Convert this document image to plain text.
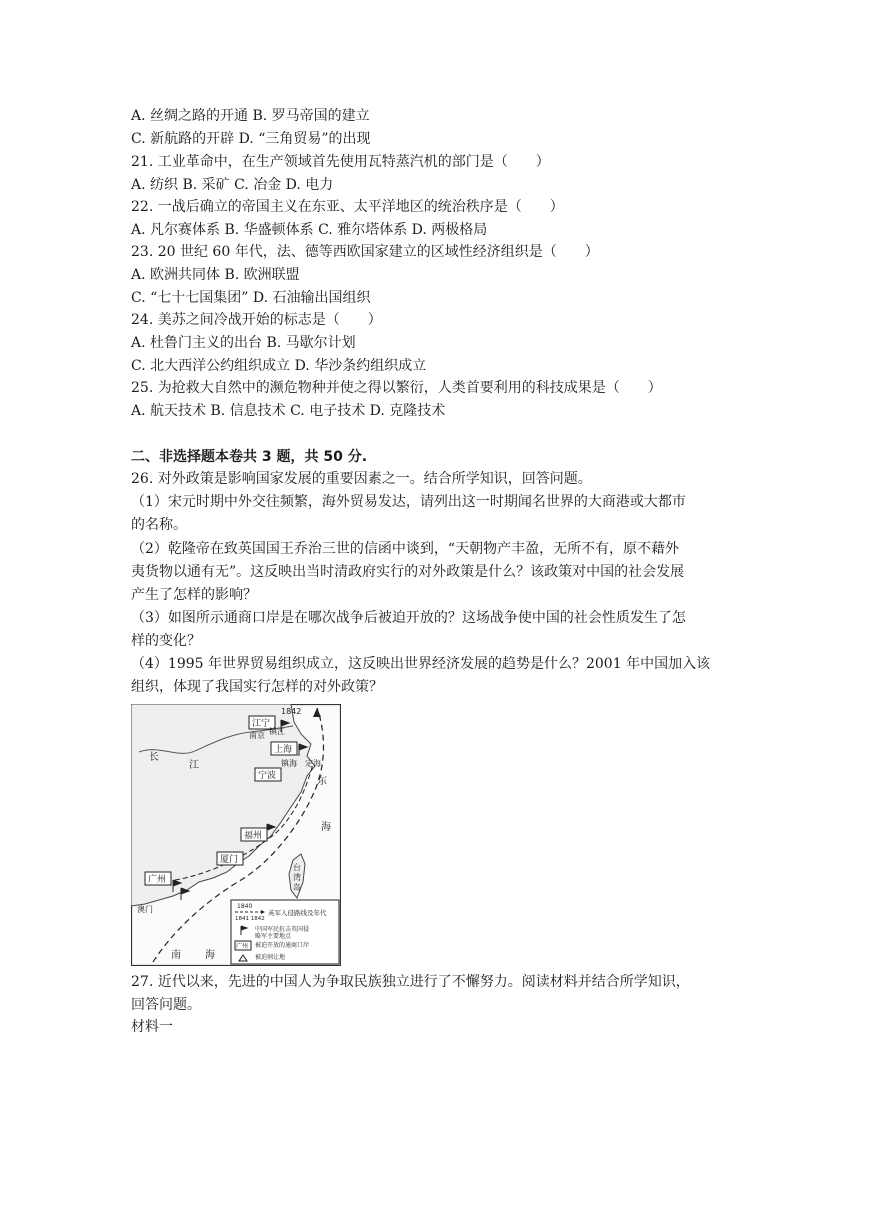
A. 丝绸之路的开通 B. 罗马帝国的建立
C. 新航路的开辟 D. “三角贸易”的出现
21. 工业革命中，在生产领域首先使用瓦特蒸汽机的部门是（　　）
A. 纺织 B. 采矿 C. 冶金 D. 电力
22. 一战后确立的帝国主义在东亚、太平洋地区的统治秩序是（　　）
A. 凡尔赛体系 B. 华盛顿体系 C. 雅尔塔体系 D. 两极格局
23. 20 世纪 60 年代，法、德等西欧国家建立的区域性经济组织是（　　）
A. 欧洲共同体 B. 欧洲联盟
C. “七十七国集团” D. 石油输出国组织
24. 美苏之间冷战开始的标志是（　　）
A. 杜鲁门主义的出台 B. 马歇尔计划
C. 北大西洋公约组织成立 D. 华沙条约组织成立
25. 为抢救大自然中的濒危物种并使之得以繁衍，人类首要利用的科技成果是（　　）
A. 航天技术 B. 信息技术 C. 电子技术 D. 克隆技术
二、非选择题本卷共 3 题，共 50 分.
26. 对外政策是影响国家发展的重要因素之一。结合所学知识，回答问题。
（1）宋元时期中外交往频繁，海外贸易发达，请列出这一时期闻名世界的大商港或大都市
的名称。
（2）乾隆帝在致英国国王乔治三世的信函中谈到，“天朝物产丰盈，无所不有，原不藉外
夷货物以通有无”。这反映出当时清政府实行的对外政策是什么？该政策对中国的社会发展
产生了怎样的影响？
（3）如图所示通商口岸是在哪次战争后被迫开放的？这场战争使中国的社会性质发生了怎
样的变化？
（4）1995 年世界贸易组织成立，这反映出世界经济发展的趋势是什么？2001 年中国加入该
组织，体现了我国实行怎样的对外政策？
江宁
南京
1842
镇江
上海
镇海 定海
宁波
福州
厦门
广州
澳门
长
江
东
海
台
湾
岛
南 海
1840
1841 1842
英军入侵路线及年代
中国军民抗击英国侵
略军主要地点
广州 被迫开放的通商口岸
被迫割让地
27. 近代以来，先进的中国人为争取民族独立进行了不懈努力。阅读材料并结合所学知识，
回答问题。
材料一
